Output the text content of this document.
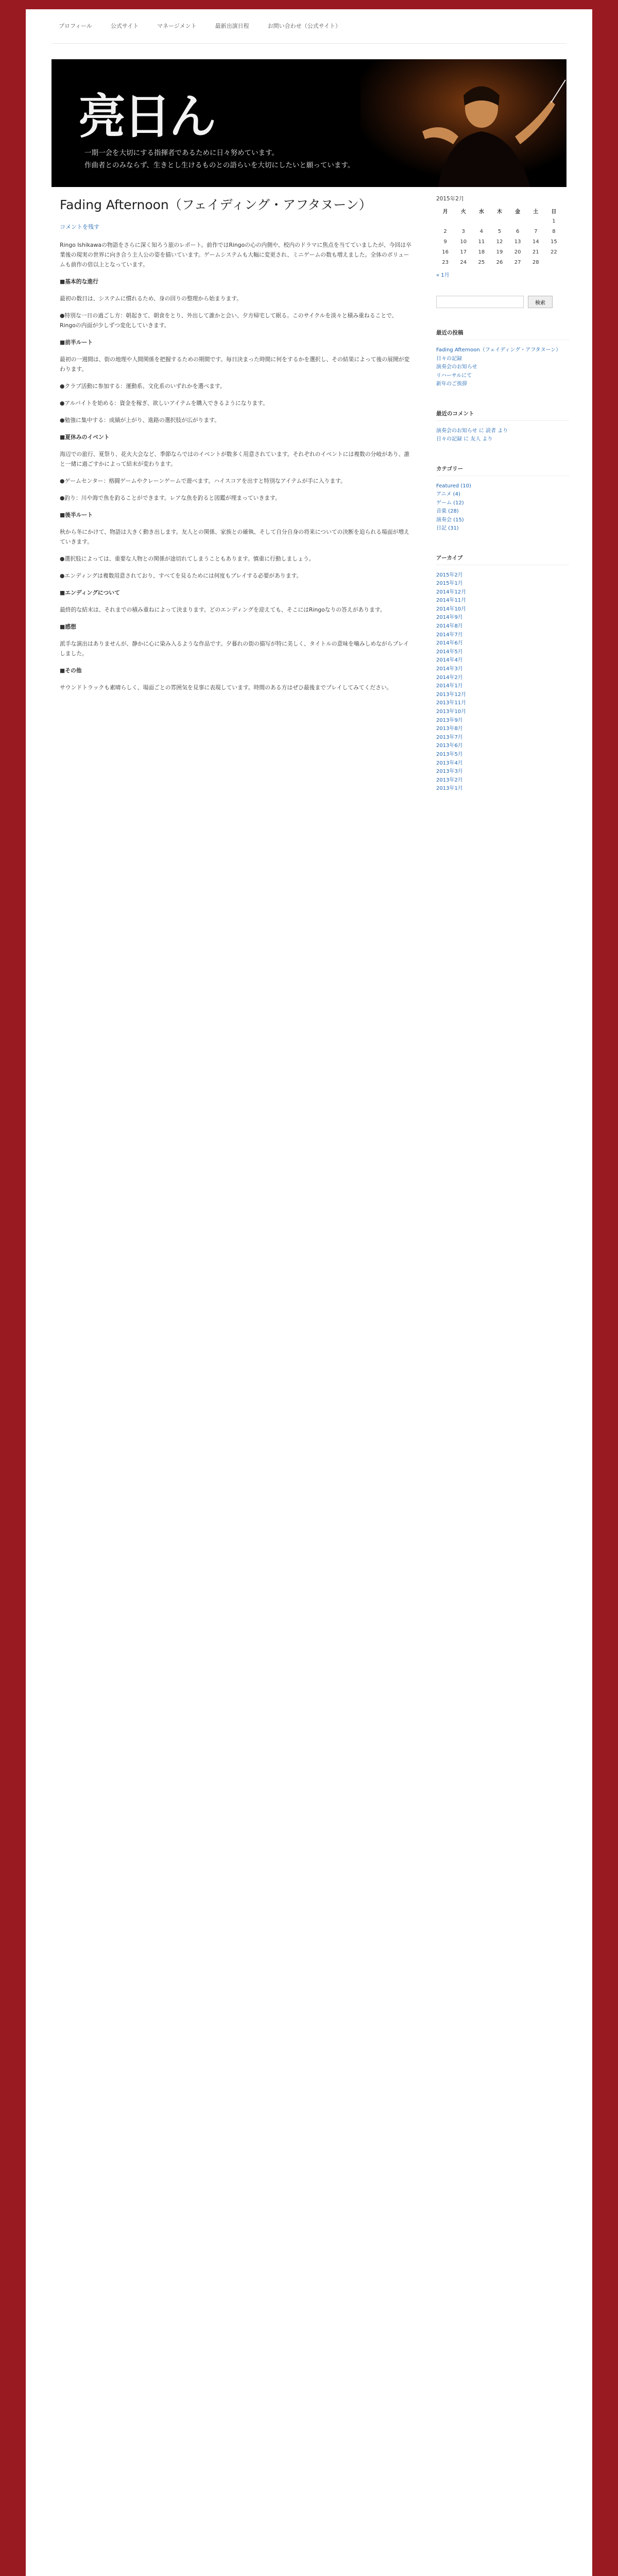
プロフィール	公式サイト	マネージメント	最新出演日程	お問い合わせ（公式サイト）
亮日ん
一期一会を大切にする指揮者であるために日々努めています。
作曲者とのみならず、生きとし生けるものとの語らいを大切にしたいと願っています。
Fading Afternoon（フェイディング・アフタヌーン）
コメントを残す

Ringo Ishikawaの物語をさらに深く知ろう旅のレポート。前作ではRingoの心の内側や、校内のドラマに焦点を当てていましたが、今回は卒業後の現実の世界に向き合う主人公の姿を描いています。ゲームシステムも大幅に変更され、ミニゲームの数も増えました。全体のボリュームも前作の倍以上となっています。

■基本的な進行

最初の数日は、システムに慣れるため、身の回りの整理から始まります。

●特別な一日の過ごし方：朝起きて、朝食をとり、外出して誰かと会い、夕方帰宅して眠る。このサイクルを淡々と積み重ねることで、Ringoの内面が少しずつ変化していきます。

■前半ルート

最初の一週間は、街の地理や人間関係を把握するための期間です。毎日決まった時間に何をするかを選択し、その結果によって後の展開が変わります。

●クラブ活動に参加する：運動系、文化系のいずれかを選べます。

●アルバイトを始める：資金を稼ぎ、欲しいアイテムを購入できるようになります。

●勉強に集中する：成績が上がり、進路の選択肢が広がります。

■夏休みのイベント

海辺での旅行、夏祭り、花火大会など、季節ならではのイベントが数多く用意されています。それぞれのイベントには複数の分岐があり、誰と一緒に過ごすかによって結末が変わります。

●ゲームセンター：格闘ゲームやクレーンゲームで遊べます。ハイスコアを出すと特別なアイテムが手に入ります。

●釣り：川や海で魚を釣ることができます。レアな魚を釣ると図鑑が埋まっていきます。

■後半ルート

秋から冬にかけて、物語は大きく動き出します。友人との関係、家族との確執、そして自分自身の将来についての決断を迫られる場面が増えていきます。

●選択肢によっては、重要な人物との関係が途切れてしまうこともあります。慎重に行動しましょう。

●エンディングは複数用意されており、すべてを見るためには何度もプレイする必要があります。

■エンディングについて

最終的な結末は、それまでの積み重ねによって決まります。どのエンディングを迎えても、そこにはRingoなりの答えがあります。

■感想

派手な演出はありませんが、静かに心に染み入るような作品です。夕暮れの街の描写が特に美しく、タイトルの意味を噛みしめながらプレイしました。

■その他

サウンドトラックも素晴らしく、場面ごとの雰囲気を見事に表現しています。時間のある方はぜひ最後までプレイしてみてください。

2015年2月
月	火	水	木	金	土	日
						1
2	3	4	5	6	7	8
9	10	11	12	13	14	15
16	17	18	19	20	21	22
23	24	25	26	27	28	
« 1月
検索
最近の投稿
Fading Afternoon（フェイディング・アフタヌーン）
日々の記録
演奏会のお知らせ
リハーサルにて
新年のご挨拶
最近のコメント
演奏会のお知らせ に 読者 より
日々の記録 に 友人 より
カテゴリー
Featured (10)
アニメ (4)
ゲーム (12)
音楽 (28)
演奏会 (15)
日記 (31)
アーカイブ
2015年2月
2015年1月
2014年12月
2014年11月
2014年10月
2014年9月
2014年8月
2014年7月
2014年6月
2014年5月
2014年4月
2014年3月
2014年2月
2014年1月
2013年12月
2013年11月
2013年10月
2013年9月
2013年8月
2013年7月
2013年6月
2013年5月
2013年4月
2013年3月
2013年2月
2013年1月
